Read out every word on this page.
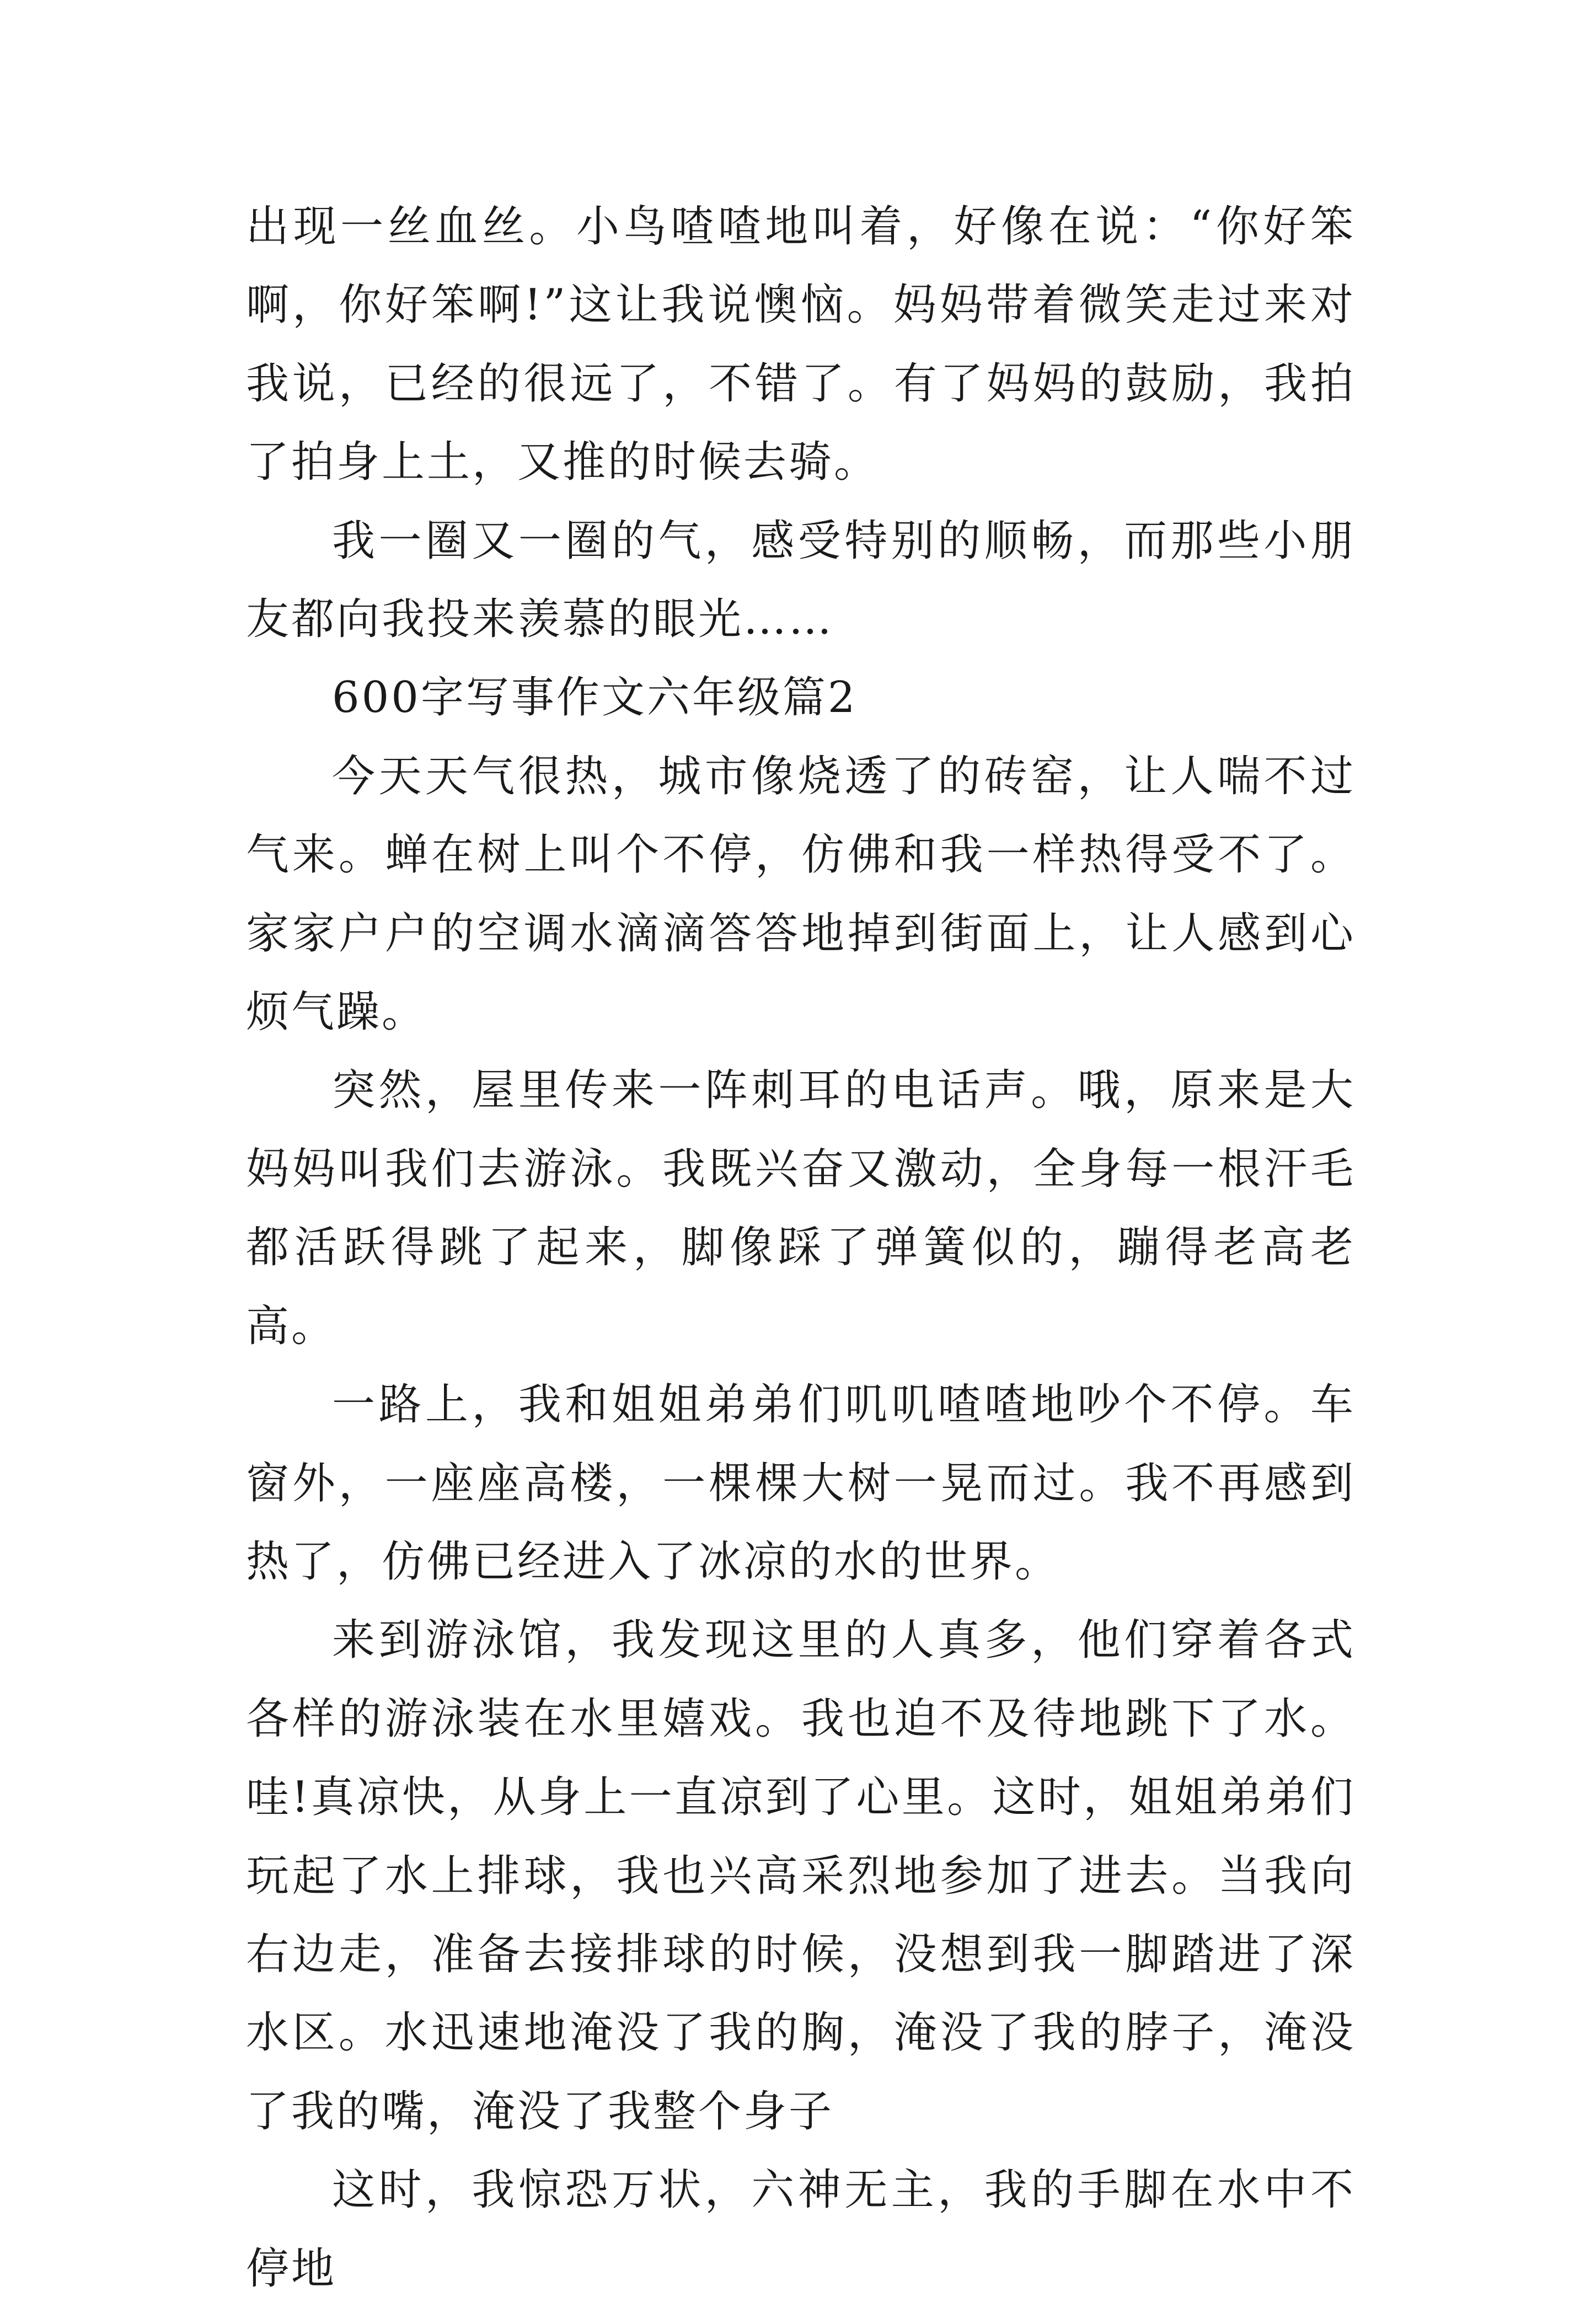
出现一丝血丝。小鸟喳喳地叫着，好像在说：“你好笨啊，你好笨啊!”这让我说懊恼。妈妈带着微笑走过来对我说，已经的很远了，不错了。有了妈妈的鼓励，我拍了拍身上土，又推的时候去骑。

我一圈又一圈的气，感受特别的顺畅，而那些小朋友都向我投来羡慕的眼光……

600字写事作文六年级篇2

今天天气很热，城市像烧透了的砖窑，让人喘不过气来。蝉在树上叫个不停，仿佛和我一样热得受不了。家家户户的空调水滴滴答答地掉到街面上，让人感到心烦气躁。

突然，屋里传来一阵刺耳的电话声。哦，原来是大妈妈叫我们去游泳。我既兴奋又激动，全身每一根汗毛都活跃得跳了起来，脚像踩了弹簧似的，蹦得老高老高。

一路上，我和姐姐弟弟们叽叽喳喳地吵个不停。车窗外，一座座高楼，一棵棵大树一晃而过。我不再感到热了，仿佛已经进入了冰凉的水的世界。

来到游泳馆，我发现这里的人真多，他们穿着各式各样的游泳装在水里嬉戏。我也迫不及待地跳下了水。哇!真凉快，从身上一直凉到了心里。这时，姐姐弟弟们玩起了水上排球，我也兴高采烈地参加了进去。当我向右边走，准备去接排球的时候，没想到我一脚踏进了深水区。水迅速地淹没了我的胸，淹没了我的脖子，淹没了我的嘴，淹没了我整个身子

这时，我惊恐万状，六神无主，我的手脚在水中不停地
